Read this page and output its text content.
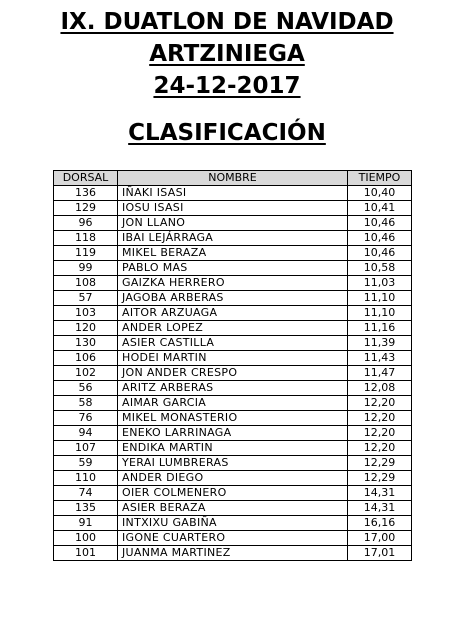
IX. DUATLON DE NAVIDAD
ARTZINIEGA
24-12-2017
CLASIFICACIÓN
DORSAL	NOMBRE	TIEMPO
136	IÑAKI ISASI	10,40
129	IOSU ISASI	10,41
96	JON LLANO	10,46
118	IBAI LEJÁRRAGA	10,46
119	MIKEL BERAZA	10,46
99	PABLO MAS	10,58
108	GAIZKA HERRERO	11,03
57	JAGOBA ARBERAS	11,10
103	AITOR ARZUAGA	11,10
120	ANDER LOPEZ	11,16
130	ASIER CASTILLA	11,39
106	HODEI MARTIN	11,43
102	JON ANDER CRESPO	11,47
56	ARITZ ARBERAS	12,08
58	AIMAR GARCIA	12,20
76	MIKEL MONASTERIO	12,20
94	ENEKO LARRINAGA	12,20
107	ENDIKA MARTIN	12,20
59	YERAI LUMBRERAS	12,29
110	ANDER DIEGO	12,29
74	OIER COLMENERO	14,31
135	ASIER BERAZA	14,31
91	INTXIXU GABIÑA	16,16
100	IGONE CUARTERO	17,00
101	JUANMA MARTINEZ	17,01
